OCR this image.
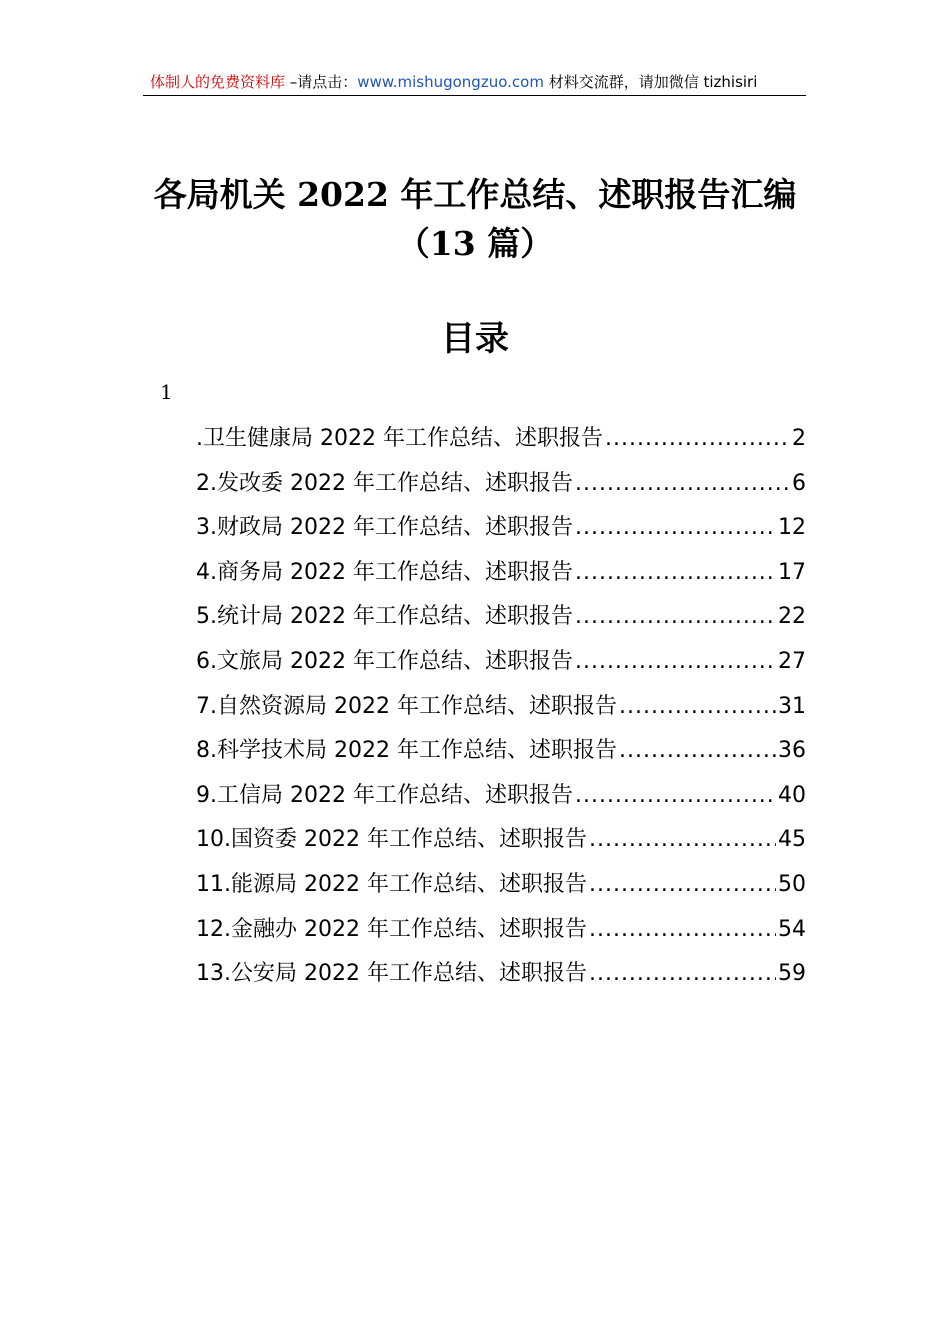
体制人的免费资料库 –请点击：www.mishugongzuo.com 材料交流群，请加微信 tizhisiri
各局机关 2022 年工作总结、述职报告汇编
（13 篇）
目录
1
.卫生健康局 2022 年工作总结、述职报告 .....	2
2.发改委 2022 年工作总结、述职报告 .....	6
3.财政局 2022 年工作总结、述职报告 .....	12
4.商务局 2022 年工作总结、述职报告 .....	17
5.统计局 2022 年工作总结、述职报告 .....	22
6.文旅局 2022 年工作总结、述职报告 .....	27
7.自然资源局 2022 年工作总结、述职报告 .....	31
8.科学技术局 2022 年工作总结、述职报告 .....	36
9.工信局 2022 年工作总结、述职报告 .....	40
10.国资委 2022 年工作总结、述职报告 .....	45
11.能源局 2022 年工作总结、述职报告 .....	50
12.金融办 2022 年工作总结、述职报告 .....	54
13.公安局 2022 年工作总结、述职报告 .....	59
